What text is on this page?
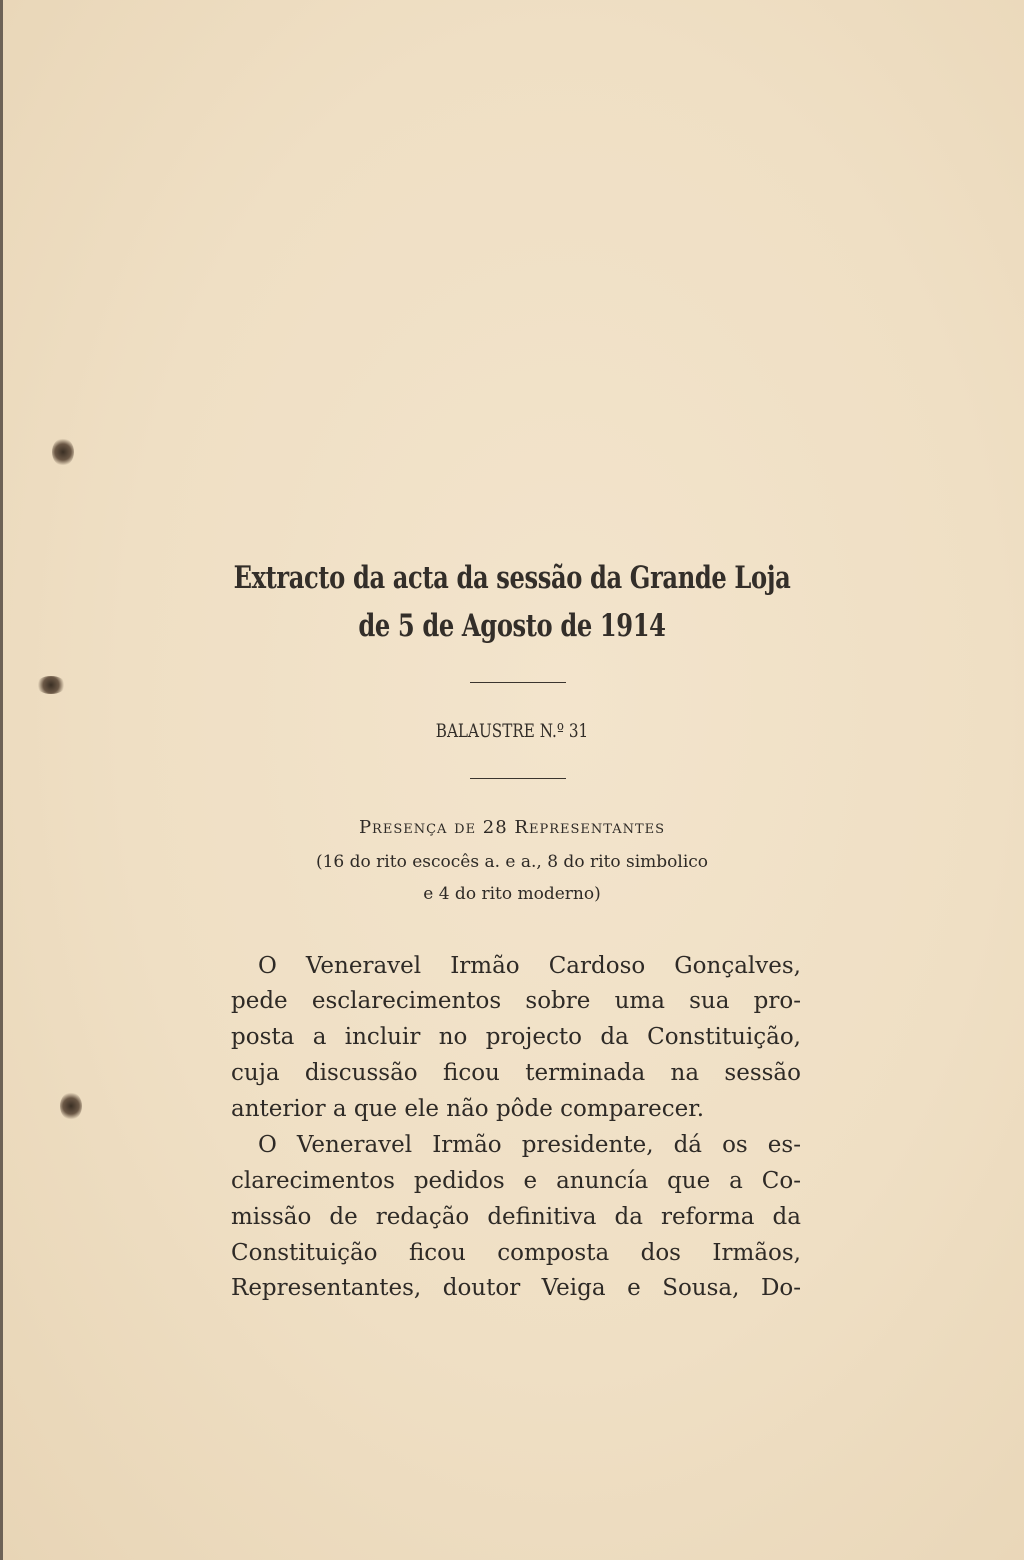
Extracto da acta da sessão da Grande Loja
de 5 de Agosto de 1914
BALAUSTRE N.º 31
Presença de 28 Representantes
(16 do rito escocês a. e a., 8 do rito simbolico
e 4 do rito moderno)
O Veneravel Irmão Cardoso Gonçalves,
pede esclarecimentos sobre uma sua pro-
posta a incluir no projecto da Constituição,
cuja discussão ficou terminada na sessão
anterior a que ele não pôde comparecer.
O Veneravel Irmão presidente, dá os es-
clarecimentos pedidos e anuncía que a Co-
missão de redação definitiva da reforma da
Constituição ficou composta dos Irmãos,
Representantes, doutor Veiga e Sousa, Do-
